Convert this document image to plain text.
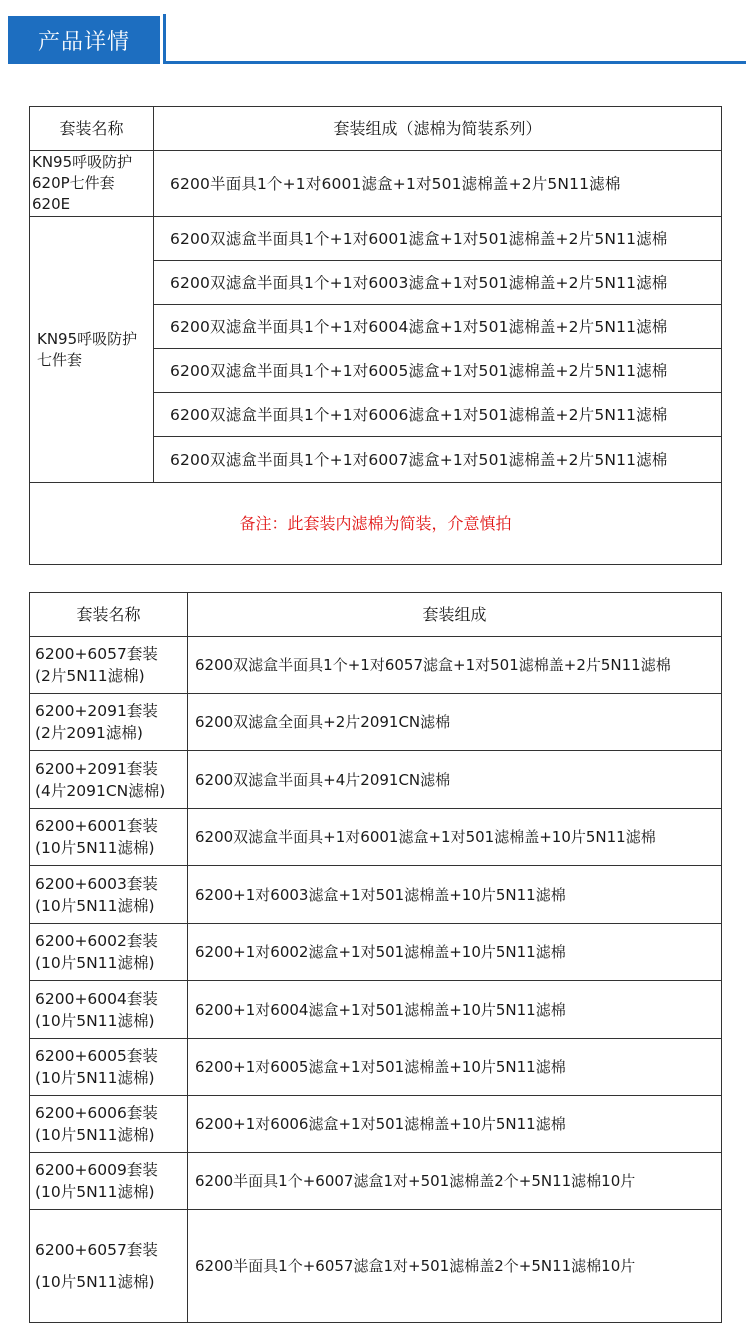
产品详情
套装名称	套装组成（滤棉为简装系列）

KN95呼吸防护
620P七件套620E	6200半面具1个+1对6001滤盒+1对501滤棉盖+2片5N11滤棉

KN95呼吸防护
七件套	6200双滤盒半面具1个+1对6001滤盒+1对501滤棉盖+2片5N11滤棉
	6200双滤盒半面具1个+1对6003滤盒+1对501滤棉盖+2片5N11滤棉
	6200双滤盒半面具1个+1对6004滤盒+1对501滤棉盖+2片5N11滤棉
	6200双滤盒半面具1个+1对6005滤盒+1对501滤棉盖+2片5N11滤棉
	6200双滤盒半面具1个+1对6006滤盒+1对501滤棉盖+2片5N11滤棉
	6200双滤盒半面具1个+1对6007滤盒+1对501滤棉盖+2片5N11滤棉
备注：此套装内滤棉为简装，介意慎拍	
套装名称	套装组成

6200+6057套装
(2片5N11滤棉)	6200双滤盒半面具1个+1对6057滤盒+1对501滤棉盖+2片5N11滤棉

6200+2091套装
(2片2091滤棉)	6200双滤盒全面具+2片2091CN滤棉

6200+2091套装
(4片2091CN滤棉)	6200双滤盒半面具+4片2091CN滤棉

6200+6001套装
(10片5N11滤棉)	6200双滤盒半面具+1对6001滤盒+1对501滤棉盖+10片5N11滤棉

6200+6003套装
(10片5N11滤棉)	6200+1对6003滤盒+1对501滤棉盖+10片5N11滤棉

6200+6002套装
(10片5N11滤棉)	6200+1对6002滤盒+1对501滤棉盖+10片5N11滤棉

6200+6004套装
(10片5N11滤棉)	6200+1对6004滤盒+1对501滤棉盖+10片5N11滤棉

6200+6005套装
(10片5N11滤棉)	6200+1对6005滤盒+1对501滤棉盖+10片5N11滤棉

6200+6006套装
(10片5N11滤棉)	6200+1对6006滤盒+1对501滤棉盖+10片5N11滤棉

6200+6009套装
(10片5N11滤棉)	6200半面具1个+6007滤盒1对+501滤棉盖2个+5N11滤棉10片

6200+6057套装
(10片5N11滤棉)	6200半面具1个+6057滤盒1对+501滤棉盖2个+5N11滤棉10片
